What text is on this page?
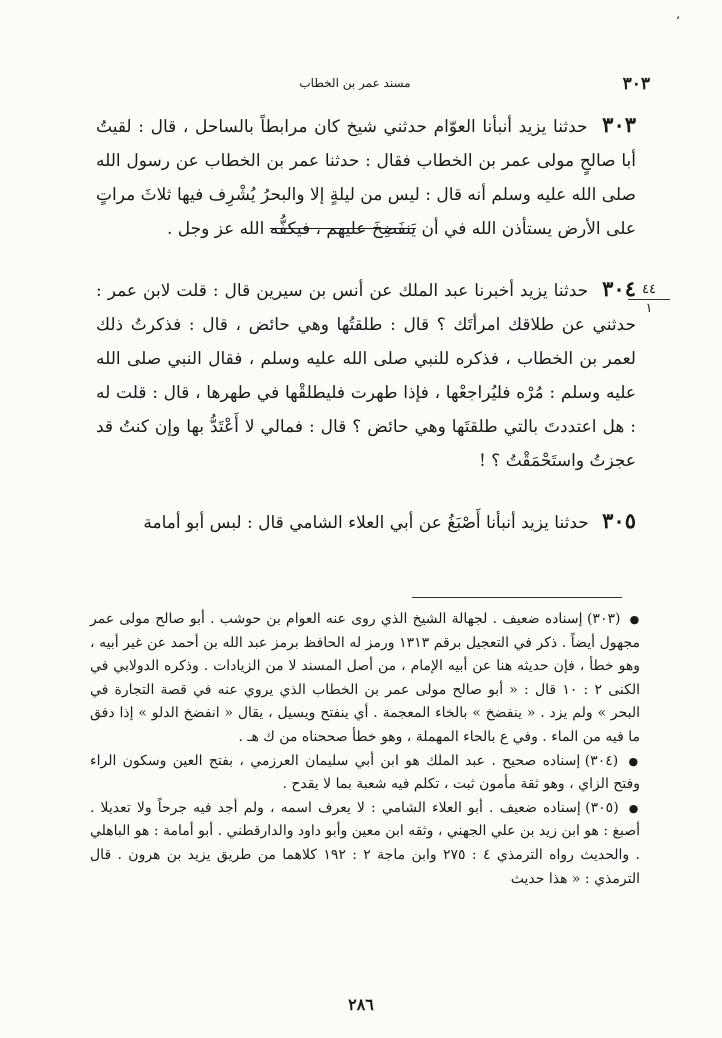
،
٣٠٣
مسند عمر بن الخطاب
٤٤
١

٣٠٣ حدثنا يزيد أنبأنا العوّام حدثني شيخ كان مرابطاً بالساحل ، قال : لقيتُ أبا صالحٍ مولى عمر بن الخطاب فقال : حدثنا عمر بن الخطاب عن رسول الله صلى الله عليه وسلم أنه قال : ليس من ليلةٍ إلا والبحرُ يُشْرِف فيها ثلاثَ مراتٍ على الأرض يستأذن الله في أن يَنفَضِخَ عليهم ، فيكفُّه الله عز وجل .

٣٠٤ حدثنا يزيد أخبرنا عبد الملك عن أنس بن سيرين قال : قلت لابن عمر : حدثني عن طلاقك امرأتَك ؟ قال : طلقتُها وهي حائض ، قال : فذكرتُ ذلك لعمر بن الخطاب ، فذكره للنبي صلى الله عليه وسلم ، فقال النبي صلى الله عليه وسلم : مُرْه فليُراجعْها ، فإذا طهرت فليطلقْها في طهرها ، قال : قلت له : هل اعتددتَ بالتي طلقتَها وهي حائض ؟ قال : فمالي لا أَعْتَدُّ بها وإن كنتُ قد عجزتُ واستَحْمَقْتُ ؟ !

٣٠٥ حدثنا يزيد أنبأنا أَصْبَغُ عن أبي العلاء الشامي قال : لبس أبو أمامة

● (٣٠٣) إسناده ضعيف . لجهالة الشيخ الذي روى عنه العوام بن حوشب . أبو صالح مولى عمر مجهول أيضاً . ذكر في التعجيل برقم ١٣١٣ ورمز له الحافظ برمز عبد الله بن أحمد عن غير أبيه ، وهو خطأ ، فإن حديثه هنا عن أبيه الإمام ، من أصل المسند لا من الزيادات . وذكره الدولابي في الكنى ٢ : ١٠ قال : « أبو صالح مولى عمر بن الخطاب الذي يروي عنه في قصة التجارة في البحر » ولم يزد . « ينفضخ » بالخاء المعجمة . أي ينفتح ويسيل ، يقال « انفضخ الدلو » إذا دفق ما فيه من الماء . وفي ع بالحاء المهملة ، وهو خطأ صححناه من ك هـ .

● (٣٠٤) إسناده صحيح . عبد الملك هو ابن أبي سليمان العرزمي ، بفتح العين وسكون الراء وفتح الزاي ، وهو ثقة مأمون ثبت ، تكلم فيه شعبة بما لا يقدح .

● (٣٠٥) إسناده ضعيف . أبو العلاء الشامي : لا يعرف اسمه ، ولم أجد فيه جرحاً ولا تعديلا . أصبغ : هو ابن زيد بن علي الجهني ، وثقه ابن معين وأبو داود والدارقطني . أبو أمامة : هو الباهلي . والحديث رواه الترمذي ٤ : ٢٧٥ وابن ماجة ٢ : ١٩٢ كلاهما من طريق يزيد بن هرون . قال الترمذي : « هذا حديث

٢٨٦
